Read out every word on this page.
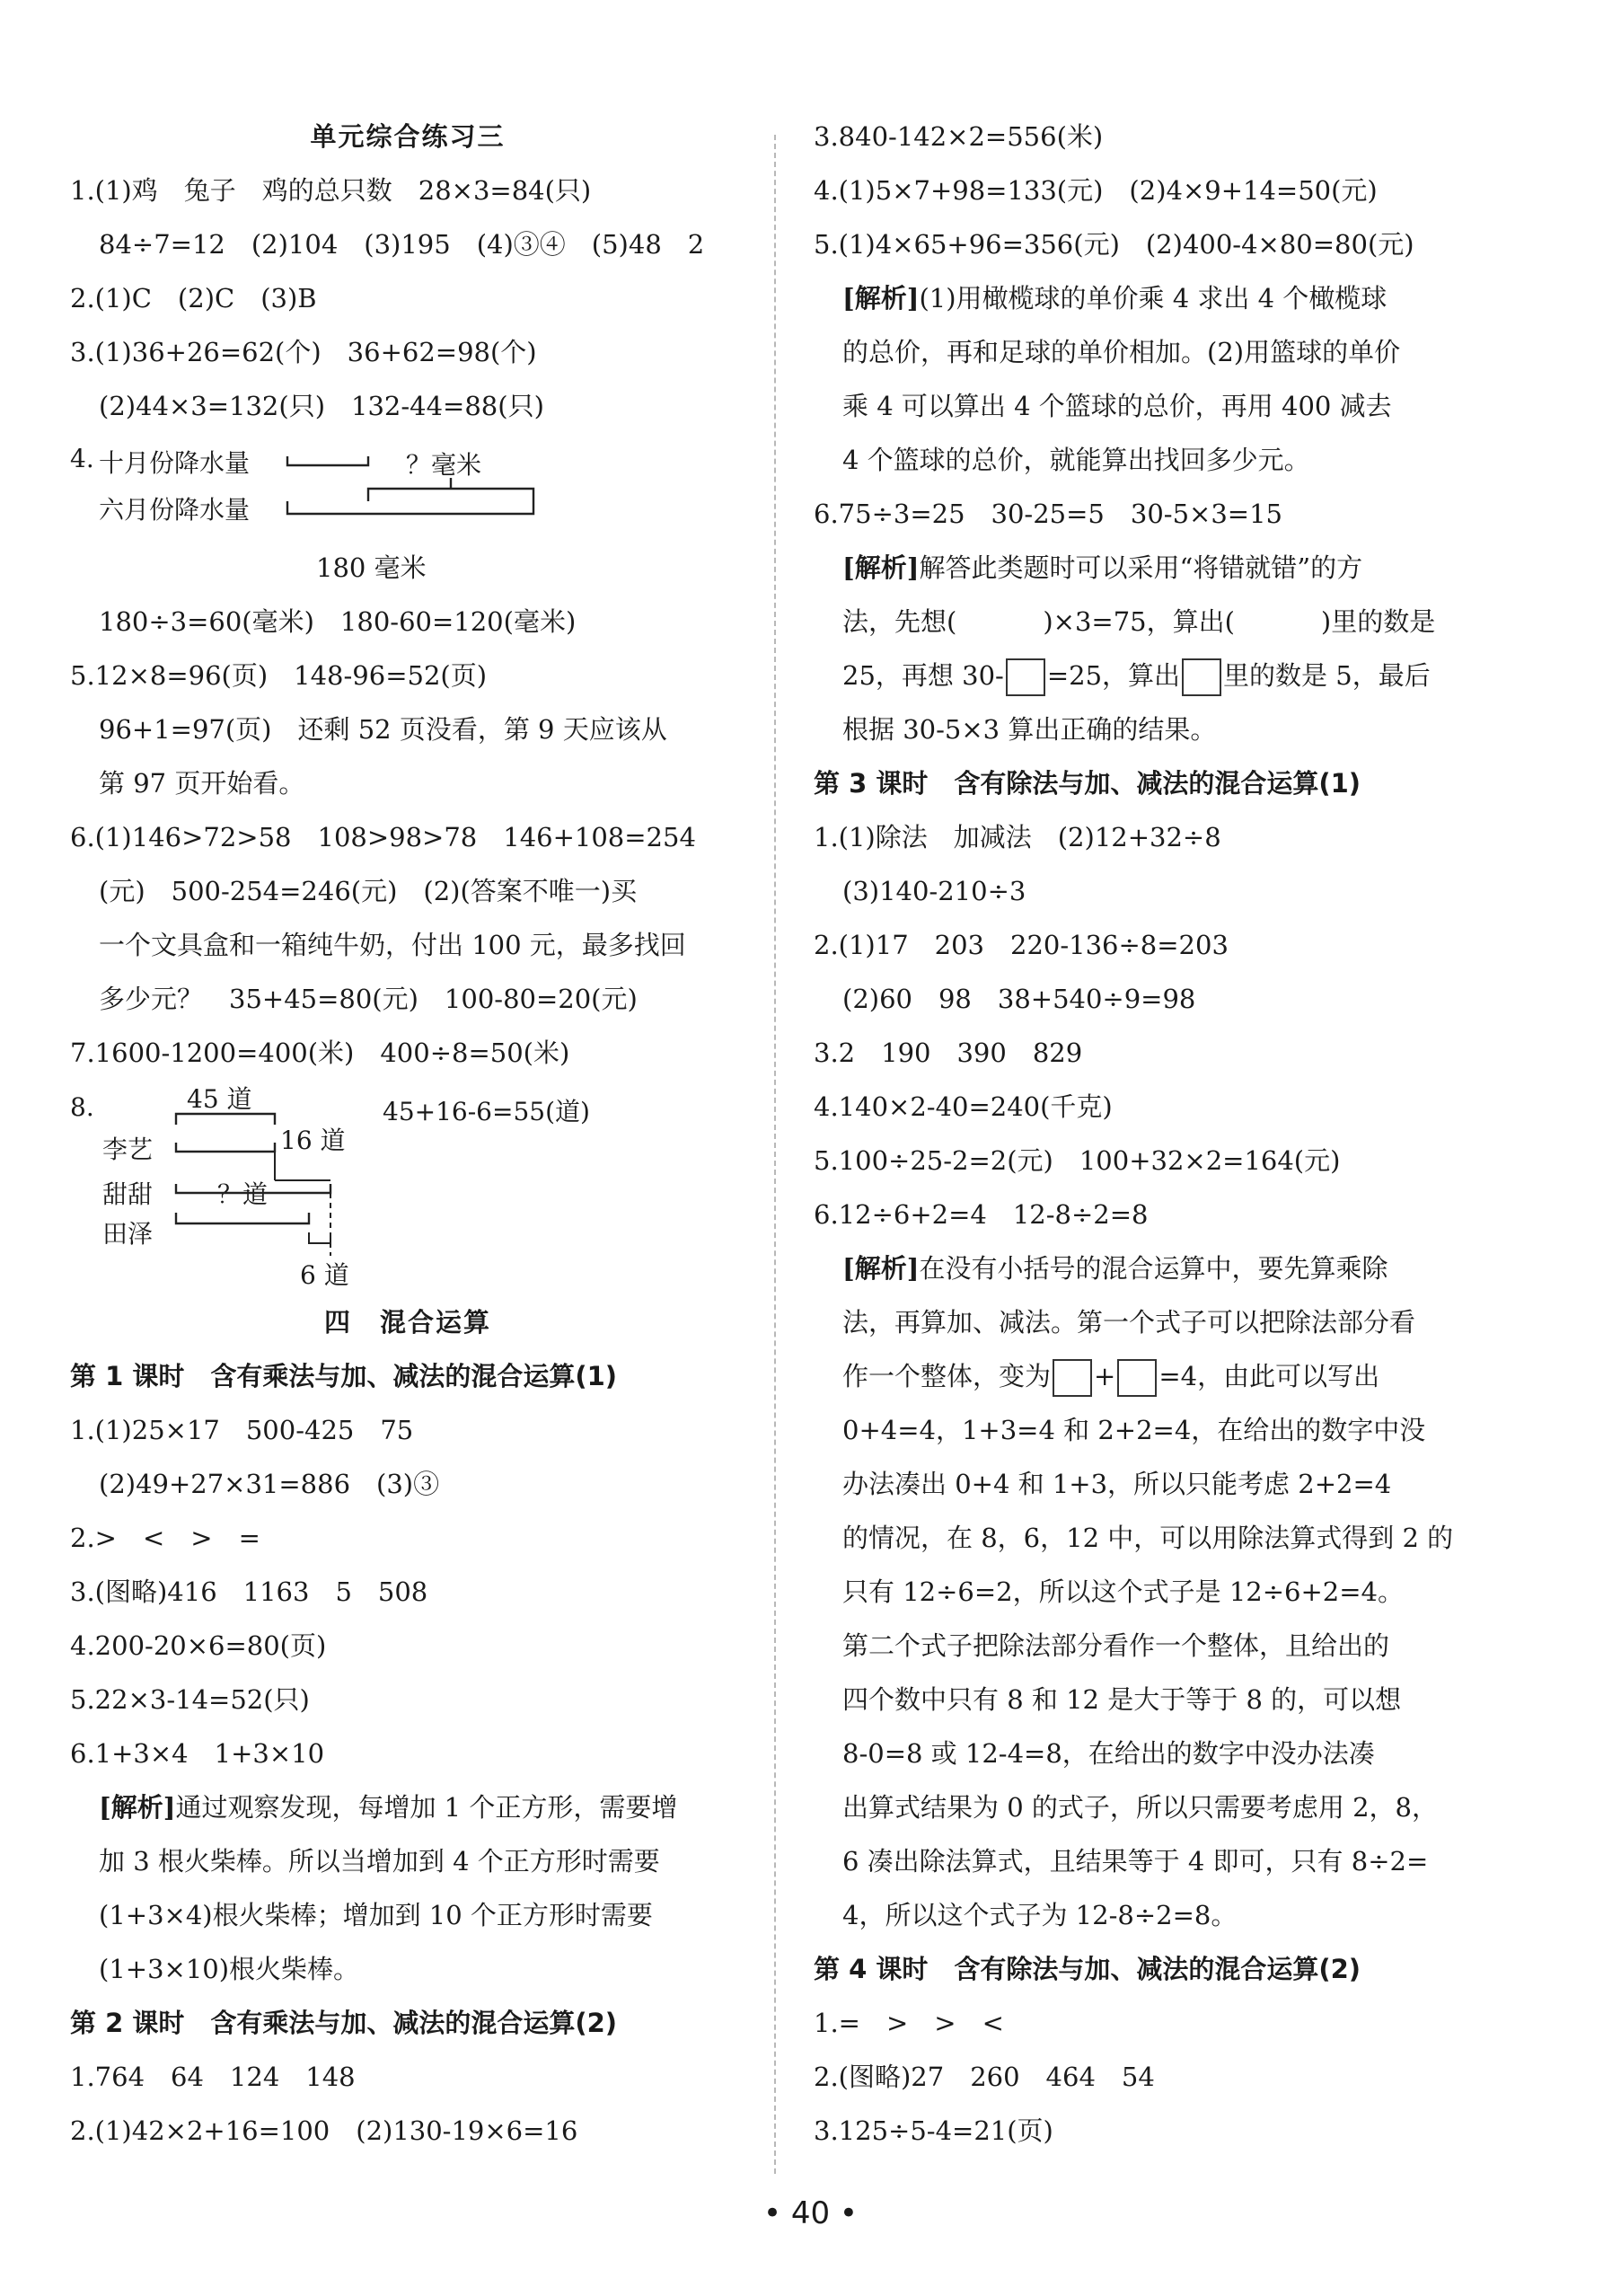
单元综合练习三
1.(1)鸡　兔子　鸡的总只数　28×3=84(只)
84÷7=12　(2)104　(3)195　(4)③④　(5)48　2
2.(1)C　(2)C　(3)B
3.(1)36+26=62(个)　36+62=98(个)
(2)44×3=132(只)　132-44=88(只)
4. 十月份降水量
六月份降水量
？毫米
180 毫米
180÷3=60(毫米)　180-60=120(毫米)
5.12×8=96(页)　148-96=52(页)
96+1=97(页)　还剩 52 页没看，第 9 天应该从
第 97 页开始看。
6.(1)146>72>58　108>98>78　146+108=254
(元)　500-254=246(元)　(2)(答案不唯一)买
一个文具盒和一箱纯牛奶，付出 100 元，最多找回
多少元？　35+45=80(元)　100-80=20(元)
7.1600-1200=400(米)　400÷8=50(米)
8.	45+16-6=55(道)
45 道
李艺	16 道
甜甜	？道
田泽
6 道
四　混合运算
第 1 课时　含有乘法与加、减法的混合运算(1)
1.(1)25×17　500-425　75
(2)49+27×31=886　(3)③
2.>　<　>　=
3.(图略)416　1163　5　508
4.200-20×6=80(页)
5.22×3-14=52(只)
6.1+3×4　1+3×10
[解析]通过观察发现，每增加 1 个正方形，需要增
加 3 根火柴棒。所以当增加到 4 个正方形时需要
(1+3×4)根火柴棒；增加到 10 个正方形时需要
(1+3×10)根火柴棒。
第 2 课时　含有乘法与加、减法的混合运算(2)
1.764　64　124　148
2.(1)42×2+16=100　(2)130-19×6=16
3.840-142×2=556(米)
4.(1)5×7+98=133(元)　(2)4×9+14=50(元)
5.(1)4×65+96=356(元)　(2)400-4×80=80(元)
[解析](1)用橄榄球的单价乘 4 求出 4 个橄榄球
的总价，再和足球的单价相加。(2)用篮球的单价
乘 4 可以算出 4 个篮球的总价，再用 400 减去
4 个篮球的总价，就能算出找回多少元。
6.75÷3=25　30-25=5　30-5×3=15
[解析]解答此类题时可以采用“将错就错”的方
法，先想(	)×3=75，算出(	)里的数是
25，再想 30- =25，算出 里的数是 5，最后
根据 30-5×3 算出正确的结果。
第 3 课时　含有除法与加、减法的混合运算(1)
1.(1)除法　加减法　(2)12+32÷8
(3)140-210÷3
2.(1)17　203　220-136÷8=203
(2)60　98　38+540÷9=98
3.2　190　390　829
4.140×2-40=240(千克)
5.100÷25-2=2(元)　100+32×2=164(元)
6.12÷6+2=4　12-8÷2=8
[解析]在没有小括号的混合运算中，要先算乘除
法，再算加、减法。第一个式子可以把除法部分看
作一个整体，变为 + =4，由此可以写出
0+4=4，1+3=4 和 2+2=4，在给出的数字中没
办法凑出 0+4 和 1+3，所以只能考虑 2+2=4
的情况，在 8，6，12 中，可以用除法算式得到 2 的
只有 12÷6=2，所以这个式子是 12÷6+2=4。
第二个式子把除法部分看作一个整体，且给出的
四个数中只有 8 和 12 是大于等于 8 的，可以想
8-0=8 或 12-4=8，在给出的数字中没办法凑
出算式结果为 0 的式子，所以只需要考虑用 2，8，
6 凑出除法算式，且结果等于 4 即可，只有 8÷2=
4，所以这个式子为 12-8÷2=8。
第 4 课时　含有除法与加、减法的混合运算(2)
1.=　>　>　<
2.(图略)27　260　464　54
3.125÷5-4=21(页)
• 40 •
